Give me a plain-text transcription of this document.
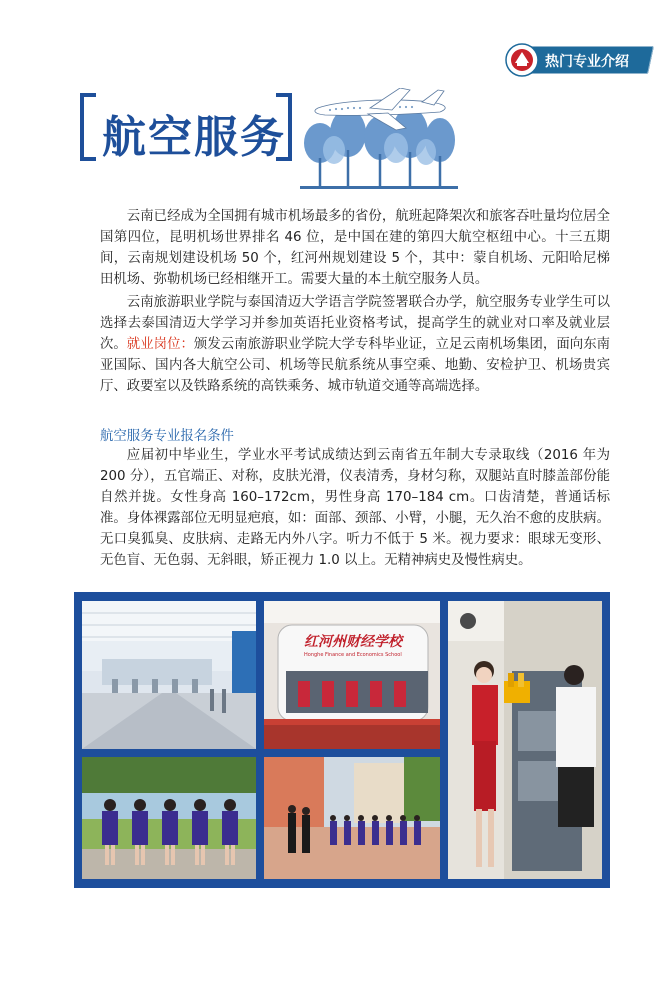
热门专业介绍
航空服务

云南已经成为全国拥有城市机场最多的省份，航班起降架次和旅客吞吐量均位居全国第四位，昆明机场世界排名 46 位，是中国在建的第四大航空枢纽中心。十三五期间，云南规划建设机场 50 个，红河州规划建设 5 个，其中：蒙自机场、元阳哈尼梯田机场、弥勒机场已经相继开工。需要大量的本土航空服务人员。

云南旅游职业学院与泰国清迈大学语言学院签署联合办学，航空服务专业学生可以选择去泰国清迈大学学习并参加英语托业资格考试，提高学生的就业对口率及就业层次。 就业岗位：颁发云南旅游职业学院大学专科毕业证，立足云南机场集团，面向东南亚国际、国内各大航空公司、机场等民航系统从事空乘、地勤、安检护卫、机场贵宾厅、政要室以及铁路系统的高铁乘务、城市轨道交通等高端选择。

航空服务专业报名条件

应届初中毕业生，学业水平考试成绩达到云南省五年制大专录取线（2016 年为 200 分），五官端正、对称，皮肤光滑，仪表清秀，身材匀称，双腿站直时膝盖部份能自然并拢。女性身高 160–172cm，男性身高 170–184 cm。口齿清楚，普通话标准。身体裸露部位无明显疤痕，如：面部、颈部、小臂，小腿，无久治不愈的皮肤病。无口臭狐臭、皮肤病、走路无内外八字。听力不低于 5 米。视力要求：眼球无变形、无色盲、无色弱、无斜眼，矫正视力 1.0 以上。无精神病史及慢性病史。

红河州财经学校
Honghe Finance and Economics School
